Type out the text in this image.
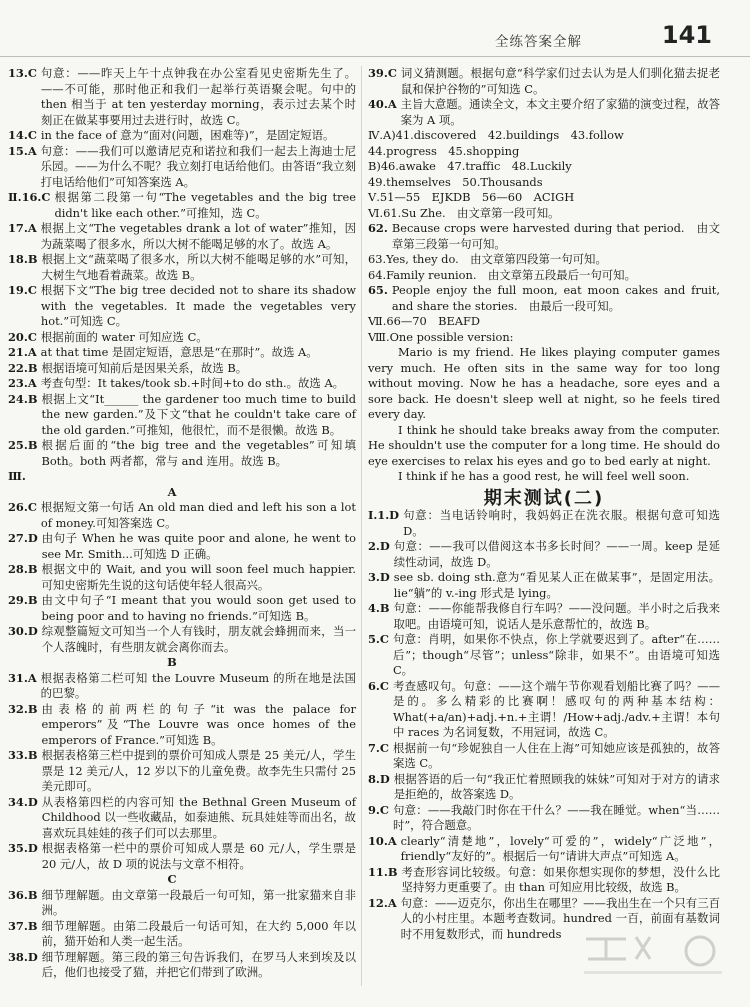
全练答案全解	141
13.C 句意：——昨天上午十点钟我在办公室看见史密斯先生了。——不可能，那时他正和我们一起举行英语聚会呢。句中的 then 相当于 at ten yesterday morning，表示过去某个时刻正在做某事要用过去进行时，故选 C。
14.C in the face of 意为“面对(问题，困难等)”，是固定短语。
15.A 句意：——我们可以邀请尼克和诺拉和我们一起去上海迪士尼乐园。——为什么不呢？我立刻打电话给他们。由答语“我立刻打电话给他们”可知答案选 A。
Ⅱ.16.C 根据第二段第一句“The vegetables and the big tree didn't like each other.”可推知，选 C。
17.A 根据上文“The vegetables drank a lot of water”推知，因为蔬菜喝了很多水，所以大树不能喝足够的水了。故选 A。
18.B 根据上文“蔬菜喝了很多水，所以大树不能喝足够的水”可知，大树生气地看着蔬菜。故选 B。
19.C 根据下文“The big tree decided not to share its shadow with the vegetables. It made the vegetables very hot.”可知选 C。
20.C 根据前面的 water 可知应选 C。
21.A at that time 是固定短语，意思是“在那时”。故选 A。
22.B 根据语境可知前后是因果关系，故选 B。
23.A 考查句型：It takes/took sb.+时间+to do sth.。故选 A。
24.B 根据上文“It______ the gardener too much time to build the new garden.”及下文“that he couldn't take care of the old garden.”可推知，他很忙，而不是很懒。故选 B。
25.B 根据后面的“the big tree and the vegetables”可知填 Both。both 两者都，常与 and 连用。故选 B。
Ⅲ.
A
26.C 根据短文第一句话 An old man died and left his son a lot of money.可知答案选 C。
27.D 由句子 When he was quite poor and alone, he went to see Mr. Smith...可知选 D 正确。
28.B 根据文中的 Wait, and you will soon feel much happier.可知史密斯先生说的这句话使年轻人很高兴。
29.B 由文中句子“I meant that you would soon get used to being poor and to having no friends.”可知选 B。
30.D 综观整篇短文可知当一个人有钱时，朋友就会蜂拥而来，当一个人落魄时，有些朋友就会离你而去。
B
31.A 根据表格第二栏可知 the Louvre Museum 的所在地是法国的巴黎。
32.B 由表格的前两栏的句子“it was the palace for emperors”及“The Louvre was once homes of the emperors of France.”可知选 B。
33.B 根据表格第三栏中提到的票价可知成人票是 25 美元/人，学生票是 12 美元/人，12 岁以下的儿童免费。故李先生只需付 25 美元即可。
34.D 从表格第四栏的内容可知 the Bethnal Green Museum of Childhood 以一些收藏品，如泰迪熊、玩具娃娃等而出名，故喜欢玩具娃娃的孩子们可以去那里。
35.D 根据表格第一栏中的票价可知成人票是 60 元/人，学生票是 20 元/人，故 D 项的说法与文章不相符。
C
36.B 细节理解题。由文章第一段最后一句可知，第一批家猫来自非洲。
37.B 细节理解题。由第二段最后一句话可知，在大约 5,000 年以前，猫开始和人类一起生活。
38.D 细节理解题。第三段的第三句告诉我们，在罗马人来到埃及以后，他们也接受了猫，并把它们带到了欧洲。
39.C 词义猜测题。根据句意“科学家们过去认为是人们驯化猫去捉老鼠和保护谷物的”可知选 C。
40.A 主旨大意题。通读全文，本文主要介绍了家猫的演变过程，故答案为 A 项。
Ⅳ.A)41.discovered　42.buildings　43.follow
44.progress　45.shopping
B)46.awake　47.traffic　48.Luckily
49.themselves　50.Thousands
Ⅴ.51—55　EJKDB　56—60　ACIGH
Ⅵ.61.Su Zhe.　由文章第一段可知。
62. Because crops were harvested during that period.　由文章第三段第一句可知。
63.Yes, they do.　由文章第四段第一句可知。
64.Family reunion.　由文章第五段最后一句可知。
65. People enjoy the full moon, eat moon cakes and fruit, and share the stories.　由最后一段可知。
Ⅶ.66—70　BEAFD
Ⅷ.One possible version:

Mario is my friend. He likes playing computer games very much. He often sits in the same way for too long without moving. Now he has a headache, sore eyes and a sore back. He doesn't sleep well at night, so he feels tired every day.

I think he should take breaks away from the computer. He shouldn't use the computer for a long time. He should do eye exercises to relax his eyes and go to bed early at night.

I think if he has a good rest, he will feel well soon.

期末测试(二)
Ⅰ.1.D 句意：当电话铃响时，我妈妈正在洗衣服。根据句意可知选 D。
2.D 句意：——我可以借阅这本书多长时间？——一周。keep 是延续性动词，故选 D。
3.D see sb. doing sth.意为“看见某人正在做某事”，是固定用法。lie“躺”的 v.-ing 形式是 lying。
4.B 句意：——你能帮我修自行车吗？——没问题。半小时之后我来取吧。由语境可知，说话人是乐意帮忙的，故选 B。
5.C 句意：肖明，如果你不快点，你上学就要迟到了。after“在……后”；though“尽管”；unless“除非，如果不”。由语境可知选 C。
6.C 考查感叹句。句意：——这个端午节你观看划船比赛了吗？——是的。多么精彩的比赛啊！感叹句的两种基本结构：What(+a/an)+adj.+n.+主谓！/How+adj./adv.+主谓！本句中 races 为名词复数，不用冠词，故选 C。
7.C 根据前一句“珍妮独自一人住在上海”可知她应该是孤独的，故答案选 C。
8.D 根据答语的后一句“我正忙着照顾我的妹妹”可知对于对方的请求是拒绝的，故答案选 D。
9.C 句意：——我敲门时你在干什么？——我在睡觉。when“当……时”，符合题意。
10.A clearly“清楚地”，lovely“可爱的”，widely“广泛地”，friendly“友好的”。根据后一句“请讲大声点”可知选 A。
11.B 考查形容词比较级。句意：如果你想实现你的梦想，没什么比坚持努力更重要了。由 than 可知应用比较级，故选 B。
12.A 句意：——迈克尔，你出生在哪里？——我出生在一个只有三百人的小村庄里。本题考查数词。hundred 一百，前面有基数词时不用复数形式，而 hundreds
